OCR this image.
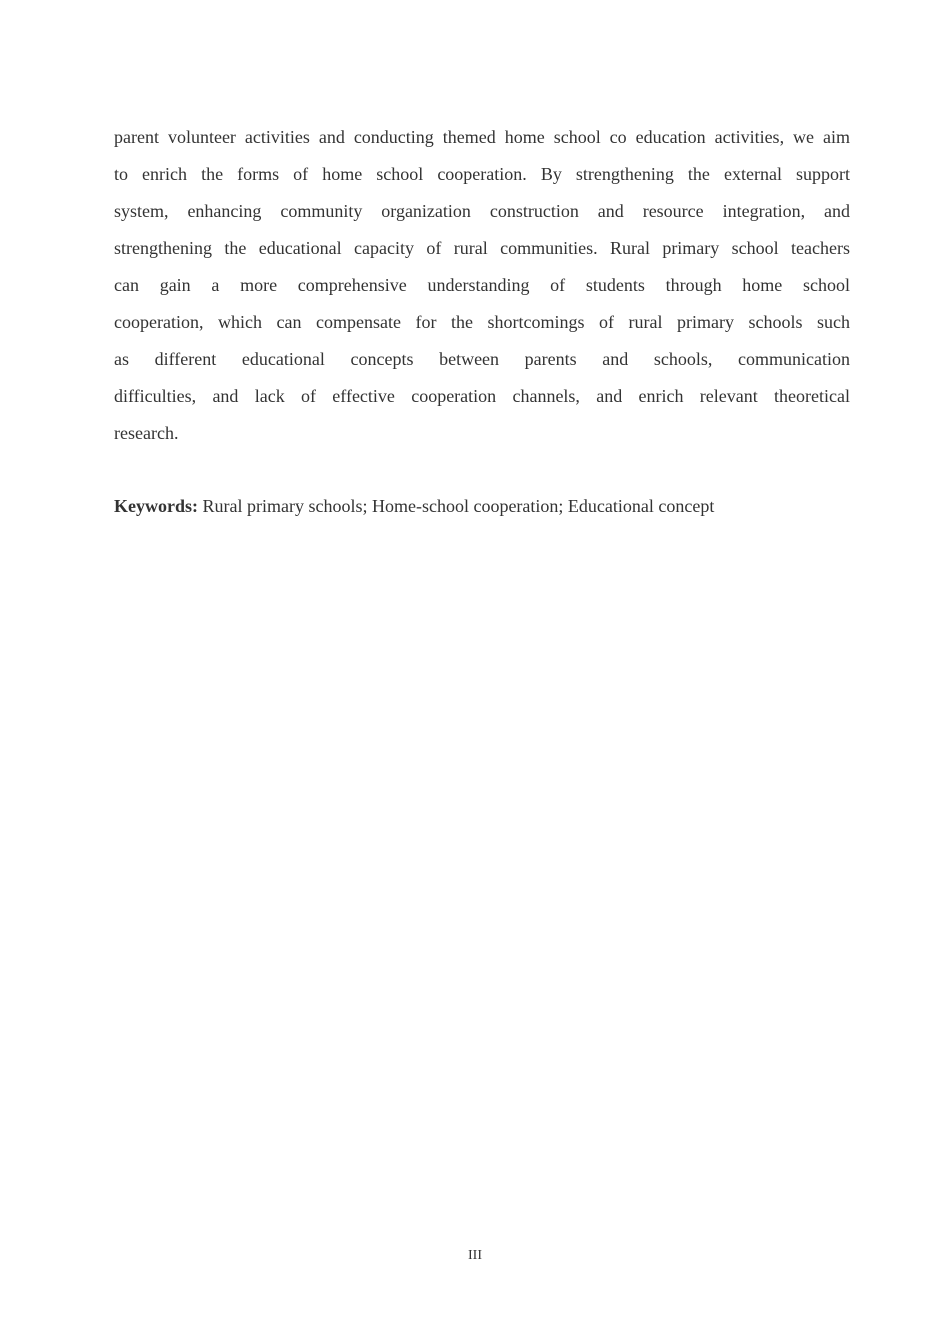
parent volunteer activities and conducting themed home school co education activities, we aim
to enrich the forms of home school cooperation. By strengthening the external support
system, enhancing community organization construction and resource integration, and
strengthening the educational capacity of rural communities. Rural primary school teachers
can gain a more comprehensive understanding of students through home school
cooperation, which can compensate for the shortcomings of rural primary schools such
as different educational concepts between parents and schools, communication
difficulties, and lack of effective cooperation channels, and enrich relevant theoretical
research.
Keywords: Rural primary schools; Home-school cooperation; Educational concept
III
